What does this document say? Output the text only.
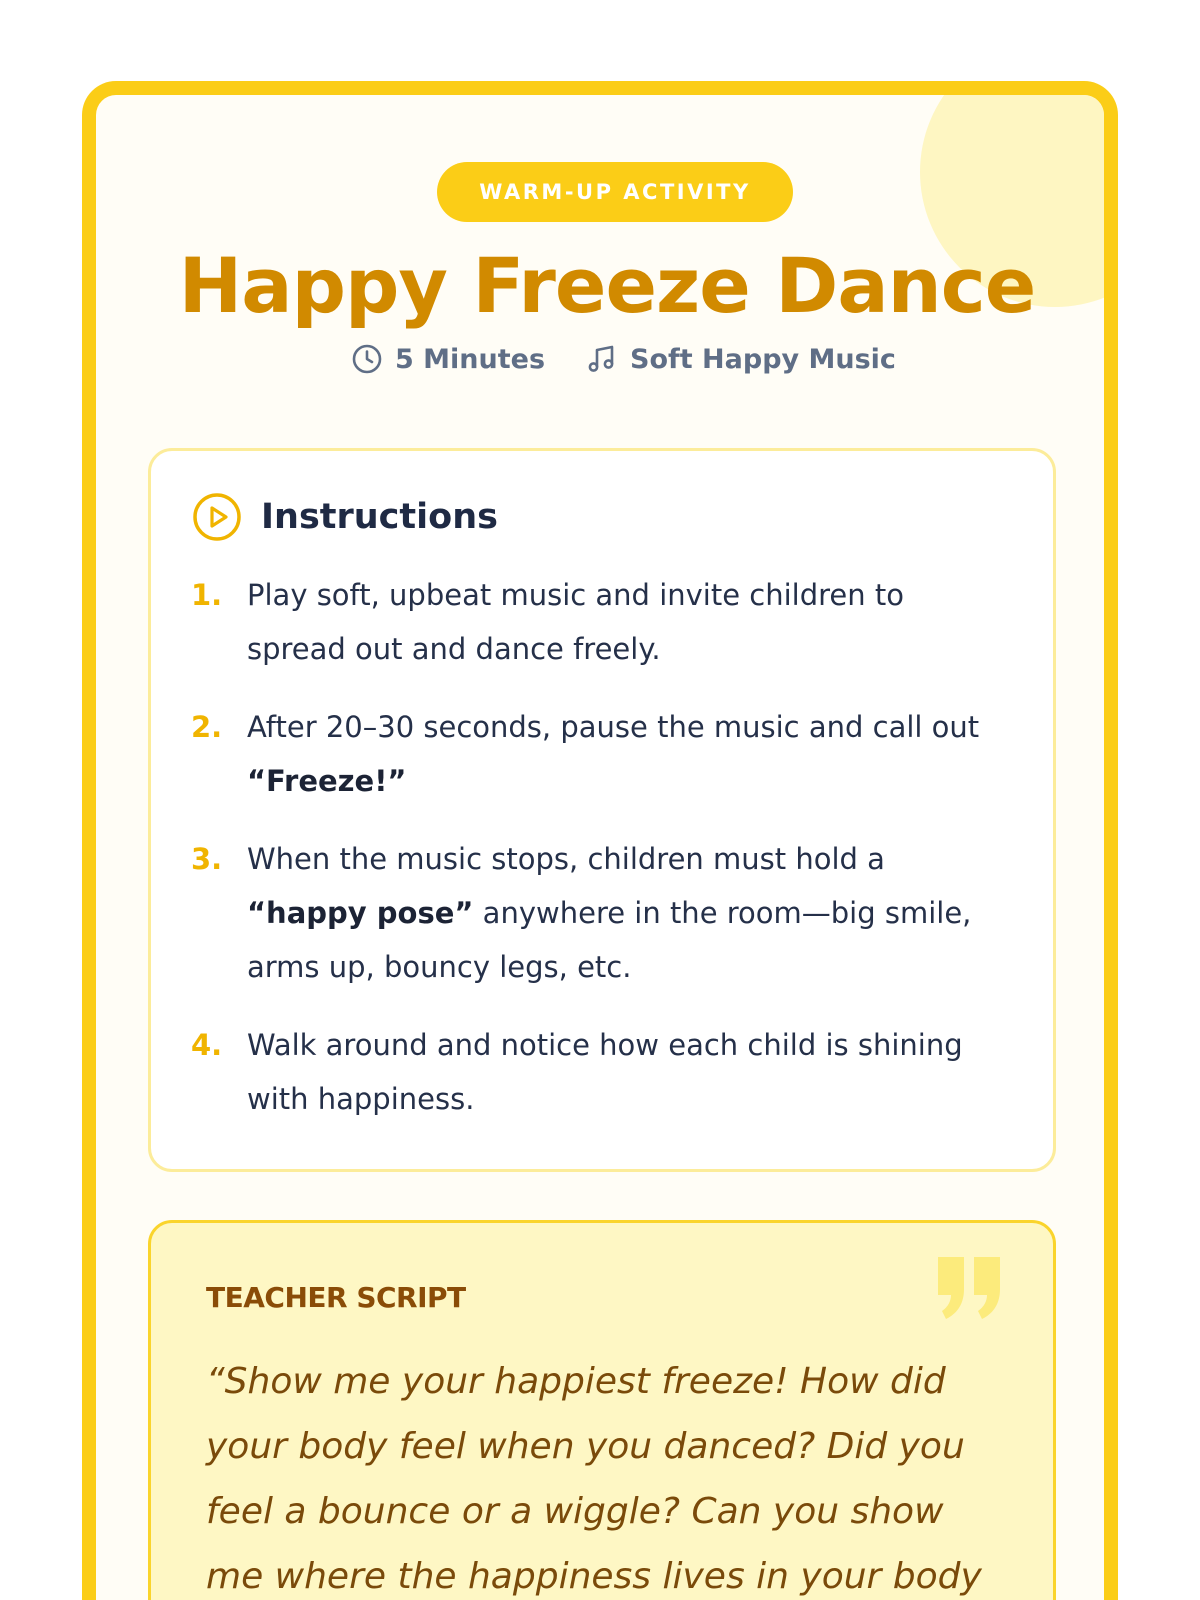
WARM-UP ACTIVITY
Happy Freeze Dance
5 Minutes	Soft Happy Music
Instructions
1. Play soft, upbeat music and invite children to spread out and dance freely.
2. After 20–30 seconds, pause the music and call out “Freeze!”
3. When the music stops, children must hold a “happy pose” anywhere in the room—big smile, arms up, bouncy legs, etc.
4. Walk around and notice how each child is shining with happiness.
TEACHER SCRIPT

“Show me your happiest freeze! How did your body feel when you danced? Did you feel a bounce or a wiggle? Can you show me where the happiness lives in your body
